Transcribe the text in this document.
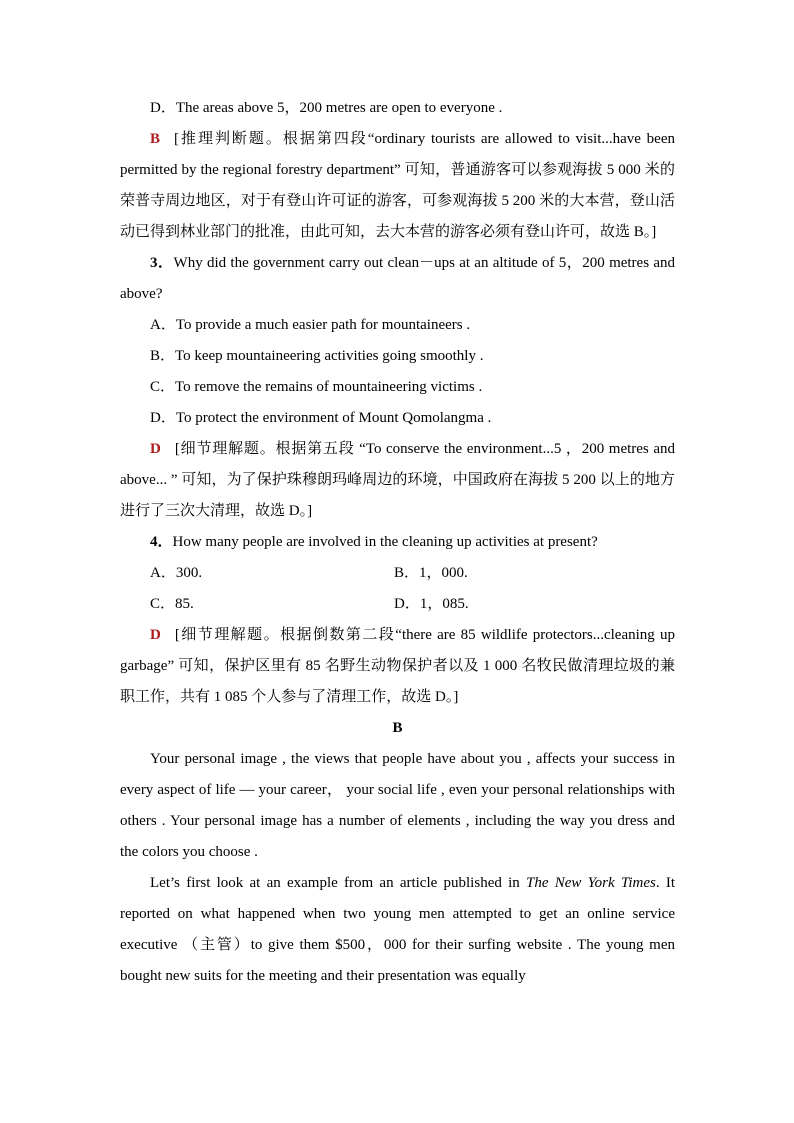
D．The areas above 5，200 metres are open to everyone .

B [推理判断题。根据第四段“ordinary tourists are allowed to visit...have been permitted by the regional forestry department” 可知，普通游客可以参观海拔 5 000 米的荣普寺周边地区，对于有登山许可证的游客，可参观海拔 5 200 米的大本营，登山活动已得到林业部门的批准，由此可知，去大本营的游客必须有登山许可，故选 B。]

3．Why did the government carry out clean－ups at an altitude of 5，200 metres and above?

A．To provide a much easier path for mountaineers .

B．To keep mountaineering activities going smoothly .

C．To remove the remains of mountaineering victims .

D．To protect the environment of Mount Qomolangma .

D [细节理解题。根据第五段 “To conserve the environment...5 ，200 metres and above... ” 可知，为了保护珠穆朗玛峰周边的环境，中国政府在海拔 5 200 以上的地方进行了三次大清理，故选 D。]

4．How many people are involved in the cleaning up activities at present?

A．300.	B．1，000.

C．85.	D．1，085.

D [细节理解题。根据倒数第二段“there are 85 wildlife protectors...cleaning up garbage” 可知，保护区里有 85 名野生动物保护者以及 1 000 名牧民做清理垃圾的兼职工作，共有 1 085 个人参与了清理工作，故选 D。]

B

Your personal image , the views that people have about you , affects your success in every aspect of life — your career， your social life , even your personal relationships with others . Your personal image has a number of elements , including the way you dress and the colors you choose .

Let’s first look at an example from an article published in The New York Times. It reported on what happened when two young men attempted to get an online service executive （主管）to give them $500，000 for their surfing website . The young men bought new suits for the meeting and their presentation was equally
